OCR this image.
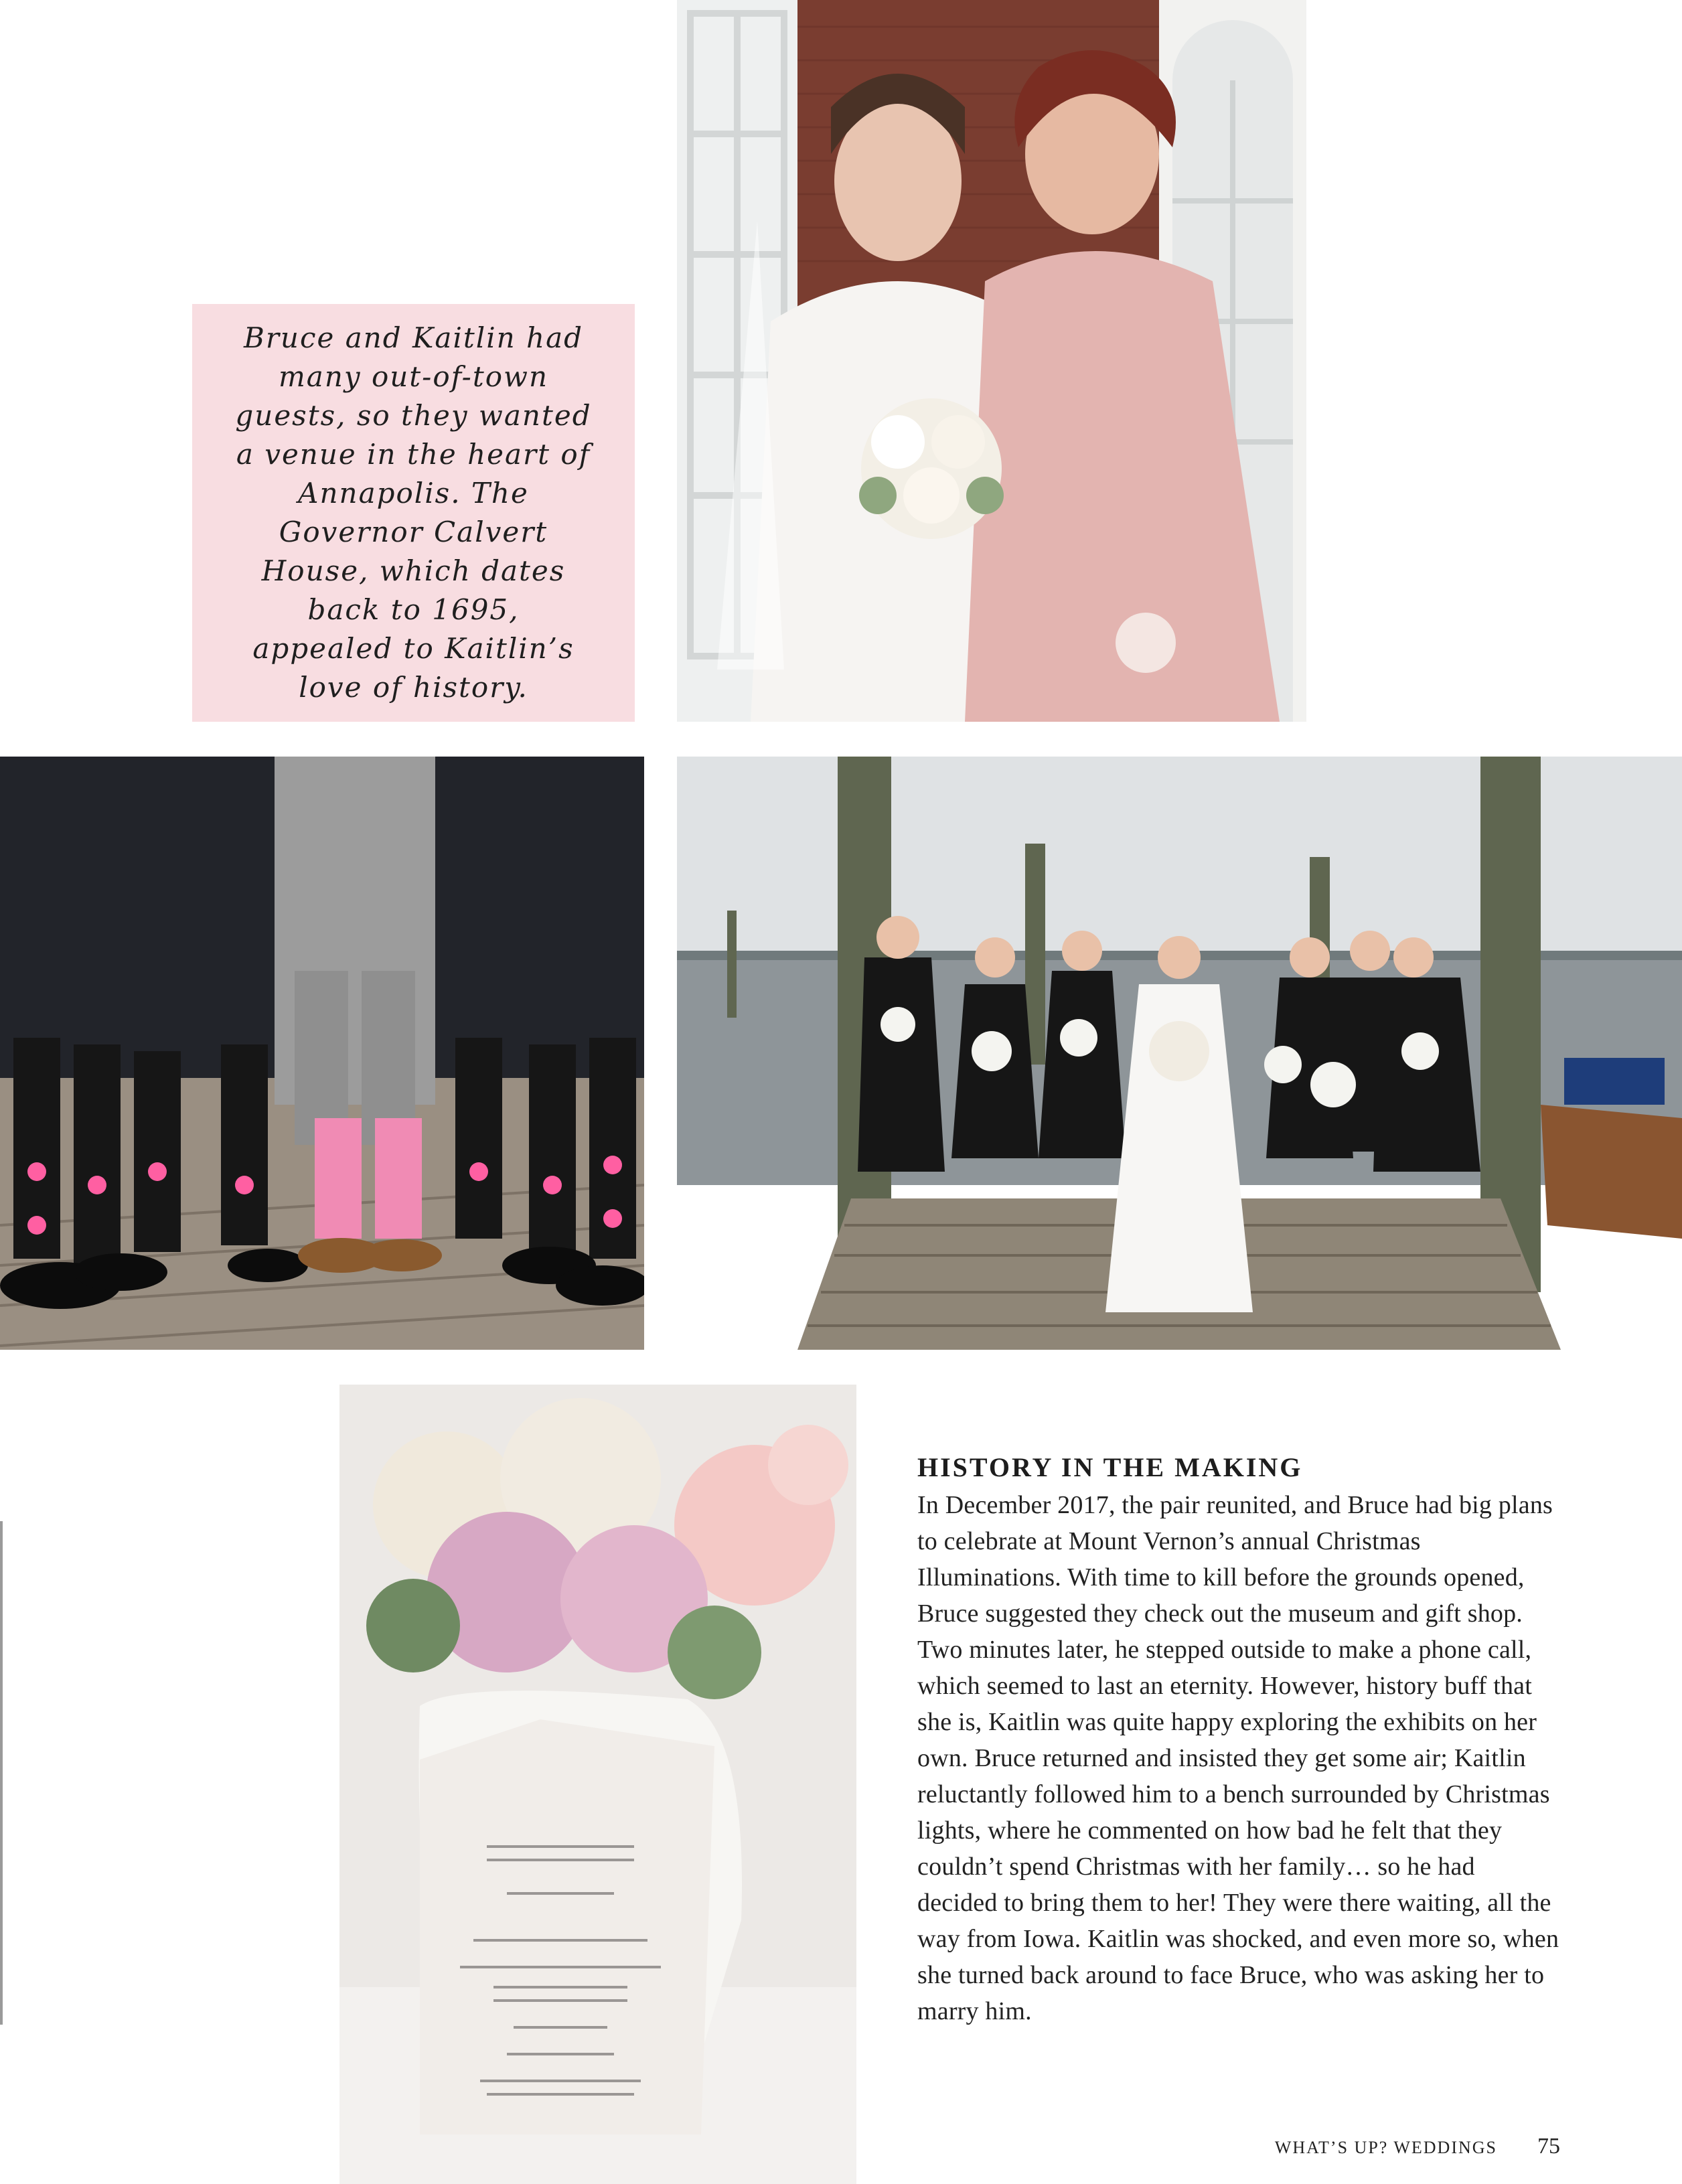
Bruce and Kaitlin had many out-of-town guests, so they wanted a venue in the heart of Annapolis. The Governor Calvert House, which dates back to 1695, appealed to Kaitlin’s love of history.

HISTORY IN THE MAKING

In December 2017, the pair reunited, and Bruce had big plans to celebrate at Mount Vernon’s annual Christmas Illuminations. With time to kill before the grounds opened, Bruce suggested they check out the museum and gift shop. Two minutes later, he stepped outside to make a phone call, which seemed to last an eternity. However, history buff that she is, Kaitlin was quite happy exploring the exhibits on her own. Bruce returned and insisted they get some air; Kaitlin reluctantly followed him to a bench surrounded by Christmas lights, where he commented on how bad he felt that they couldn’t spend Christmas with her family… so he had decided to bring them to her! They were there waiting, all the way from Iowa. Kaitlin was shocked, and even more so, when she turned back around to face Bruce, who was asking her to marry him.

WHAT’S UP? WEDDINGS 75
